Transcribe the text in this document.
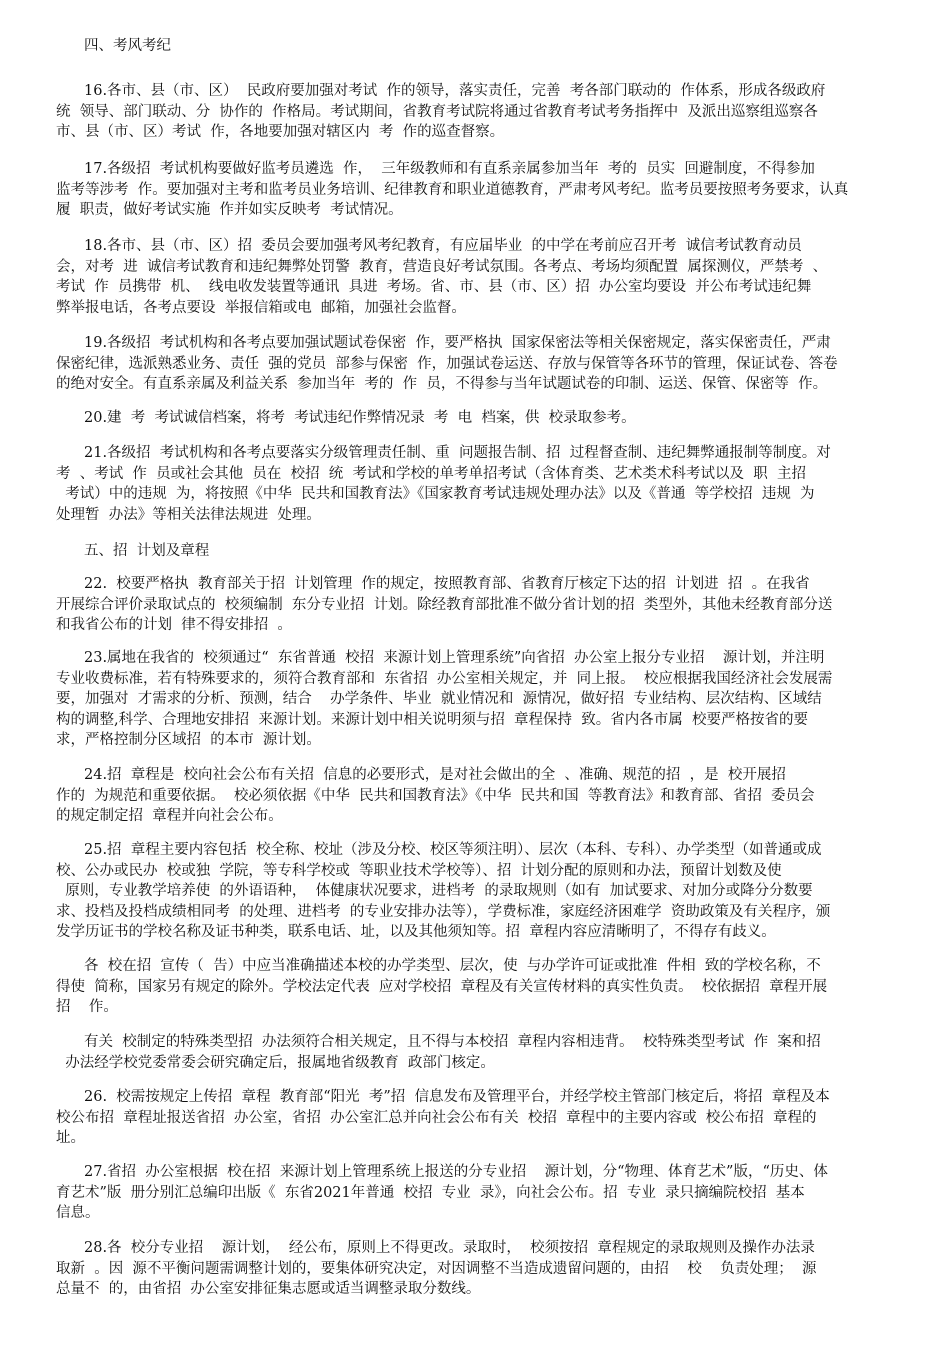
四、考风考纪
16.各市、县（市、区）  民政府要加强对考试  作的领导，落实责任，完善  考各部门联动的  作体系，形成各级政府
统  领导、部门联动、分  协作的  作格局。考试期间，省教育考试院将通过省教育考试考务指挥中  及派出巡察组巡察各
市、县（市、区）考试  作，各地要加强对辖区内  考  作的巡查督察。
17.各级招  考试机构要做好监考员遴选  作，  三年级教师和有直系亲属参加当年  考的  员实  回避制度，不得参加
监考等涉考  作。要加强对主考和监考员业务培训、纪律教育和职业道德教育，严肃考风考纪。监考员要按照考务要求，认真
履  职责，做好考试实施  作并如实反映考  考试情况。
18.各市、县（市、区）招  委员会要加强考风考纪教育，有应届毕业  的中学在考前应召开考  诚信考试教育动员
会，对考  进  诚信考试教育和违纪舞弊处罚警  教育，营造良好考试氛围。各考点、考场均须配置  属探测仪，严禁考  、
考试  作  员携带  机、  线电收发装置等通讯  具进  考场。省、市、县（市、区）招  办公室均要设  并公布考试违纪舞
弊举报电话，各考点要设  举报信箱或电  邮箱，加强社会监督。
19.各级招  考试机构和各考点要加强试题试卷保密  作，要严格执  国家保密法等相关保密规定，落实保密责任，严肃
保密纪律，选派熟悉业务、责任  强的党员  部参与保密  作，加强试卷运送、存放与保管等各环节的管理，保证试卷、答卷
的绝对安全。有直系亲属及利益关系  参加当年  考的  作  员，不得参与当年试题试卷的印制、运送、保管、保密等  作。
20.建  考  考试诚信档案，将考  考试违纪作弊情况录  考  电  档案，供  校录取参考。
21.各级招  考试机构和各考点要落实分级管理责任制、重  问题报告制、招  过程督查制、违纪舞弊通报制等制度。对
考  、考试  作  员或社会其他  员在  校招  统  考试和学校的单考单招考试（含体育类、艺术类术科考试以及  职  主招
考试）中的违规  为，将按照《中华  民共和国教育法》《国家教育考试违规处理办法》以及《普通  等学校招  违规  为
处理暂  办法》等相关法律法规进  处理。
五、招  计划及章程
22.  校要严格执  教育部关于招  计划管理  作的规定，按照教育部、省教育厅核定下达的招  计划进  招  。在我省
开展综合评价录取试点的  校须编制  东分专业招  计划。除经教育部批准不做分省计划的招  类型外，其他未经教育部分送
和我省公布的计划  律不得安排招  。
23.属地在我省的  校须通过“  东省普通  校招  来源计划上管理系统”向省招  办公室上报分专业招    源计划，并注明
专业收费标准，若有特殊要求的，须符合教育部和  东省招  办公室相关规定，并  同上报。  校应根据我国经济社会发展需
要，加强对  才需求的分析、预测，结合    办学条件、毕业  就业情况和  源情况，做好招  专业结构、层次结构、区域结
构的调整,科学、合理地安排招  来源计划。来源计划中相关说明须与招  章程保持  致。省内各市属  校要严格按省的要
求，严格控制分区域招  的本市  源计划。
24.招  章程是  校向社会公布有关招  信息的必要形式，是对社会做出的全  、准确、规范的招  ，是  校开展招
作的  为规范和重要依据。  校必须依据《中华  民共和国教育法》《中华  民共和国  等教育法》和教育部、省招  委员会
的规定制定招  章程并向社会公布。
25.招  章程主要内容包括  校全称、校址（涉及分校、校区等须注明）、层次（本科、专科）、办学类型（如普通或成
校、公办或民办  校或独  学院，等专科学校或  等职业技术学校等）、招  计划分配的原则和办法，预留计划数及使
原则，专业教学培养使  的外语语种，  体健康状况要求，进档考  的录取规则（如有  加试要求、对加分或降分分数要
求、投档及投档成绩相同考  的处理、进档考  的专业安排办法等），学费标准，家庭经济困难学  资助政策及有关程序，颁
发学历证书的学校名称及证书种类，联系电话、址，以及其他须知等。招  章程内容应清晰明了，不得存有歧义。
各  校在招  宣传（  告）中应当准确描述本校的办学类型、层次，使  与办学许可证或批准  件相  致的学校名称，不
得使  简称，国家另有规定的除外。学校法定代表  应对学校招  章程及有关宣传材料的真实性负责。  校依据招  章程开展
招    作。
有关  校制定的特殊类型招  办法须符合相关规定，且不得与本校招  章程内容相违背。  校特殊类型考试  作  案和招
办法经学校党委常委会研究确定后，报属地省级教育  政部门核定。
26.  校需按规定上传招  章程  教育部“阳光  考”招  信息发布及管理平台，并经学校主管部门核定后，将招  章程及本
校公布招  章程址报送省招  办公室，省招  办公室汇总并向社会公布有关  校招  章程中的主要内容或  校公布招  章程的
址。
27.省招  办公室根据  校在招  来源计划上管理系统上报送的分专业招    源计划，分“物理、体育艺术”版，“历史、体
育艺术”版  册分别汇总编印出版《  东省2021年普通  校招  专业  录》，向社会公布。招  专业  录只摘编院校招  基本
信息。
28.各  校分专业招    源计划，  经公布，原则上不得更改。录取时，  校须按招  章程规定的录取规则及操作办法录
取新  。因  源不平衡问题需调整计划的，要集体研究决定，对因调整不当造成遗留问题的，由招    校    负责处理；  源
总量不  的，由省招  办公室安排征集志愿或适当调整录取分数线。
